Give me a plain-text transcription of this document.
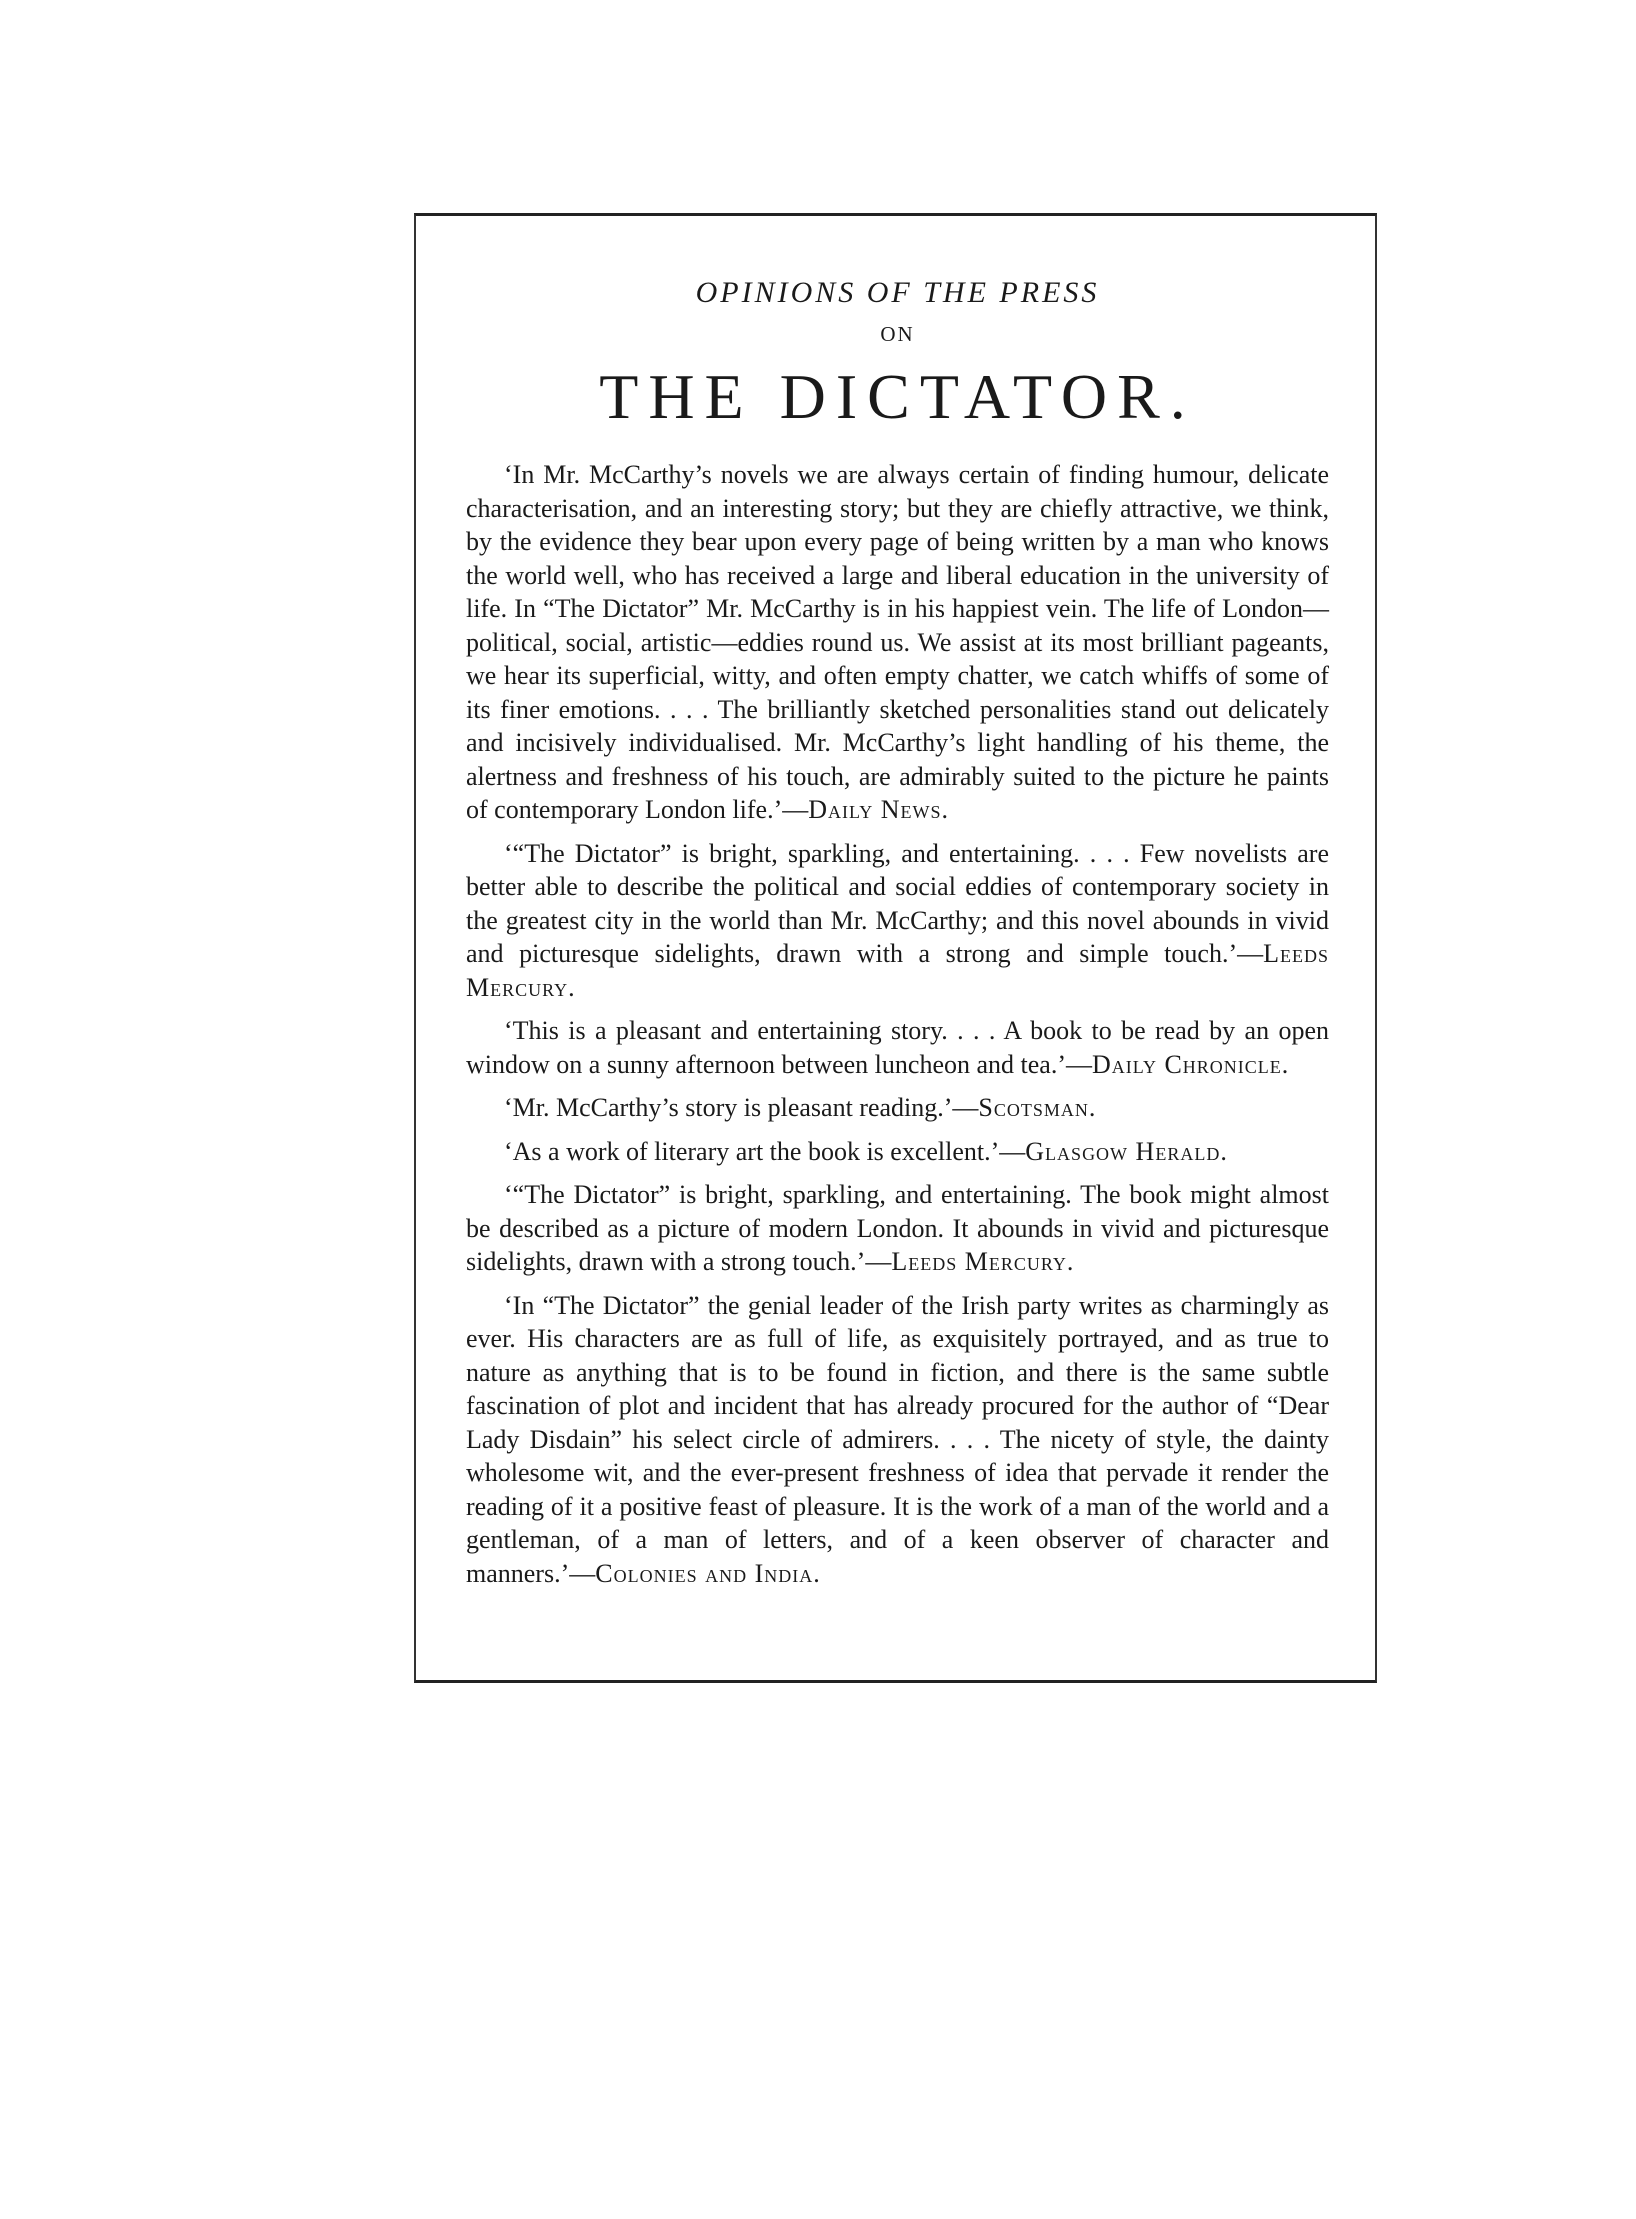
OPINIONS OF THE PRESS

ON

THE DICTATOR.

‘In Mr. McCarthy’s novels we are always certain of finding humour, delicate characterisation, and an interesting story; but they are chiefly attractive, we think, by the evidence they bear upon every page of being written by a man who knows the world well, who has received a large and liberal education in the university of life. In “The Dictator” Mr. McCarthy is in his happiest vein. The life of London—political, social, artistic—eddies round us. We assist at its most brilliant pageants, we hear its superficial, witty, and often empty chatter, we catch whiffs of some of its finer emotions. . . . The brilliantly sketched personalities stand out delicately and incisively individualised. Mr. McCarthy’s light handling of his theme, the alertness and freshness of his touch, are admirably suited to the picture he paints of contemporary London life.’—Daily News.

‘“The Dictator” is bright, sparkling, and entertaining. . . . Few novelists are better able to describe the political and social eddies of contemporary society in the greatest city in the world than Mr. McCarthy; and this novel abounds in vivid and picturesque sidelights, drawn with a strong and simple touch.’—Leeds Mercury.

‘This is a pleasant and entertaining story. . . . A book to be read by an open window on a sunny afternoon between luncheon and tea.’—Daily Chronicle.

‘Mr. McCarthy’s story is pleasant reading.’—Scotsman.

‘As a work of literary art the book is excellent.’—Glasgow Herald.

‘“The Dictator” is bright, sparkling, and entertaining. The book might almost be described as a picture of modern London. It abounds in vivid and picturesque sidelights, drawn with a strong touch.’—Leeds Mercury.

‘In “The Dictator” the genial leader of the Irish party writes as charmingly as ever. His characters are as full of life, as exquisitely portrayed, and as true to nature as anything that is to be found in fiction, and there is the same subtle fascination of plot and incident that has already procured for the author of “Dear Lady Disdain” his select circle of admirers. . . . The nicety of style, the dainty wholesome wit, and the ever-present freshness of idea that pervade it render the reading of it a positive feast of pleasure. It is the work of a man of the world and a gentleman, of a man of letters, and of a keen observer of character and manners.’—Colonies and India.
